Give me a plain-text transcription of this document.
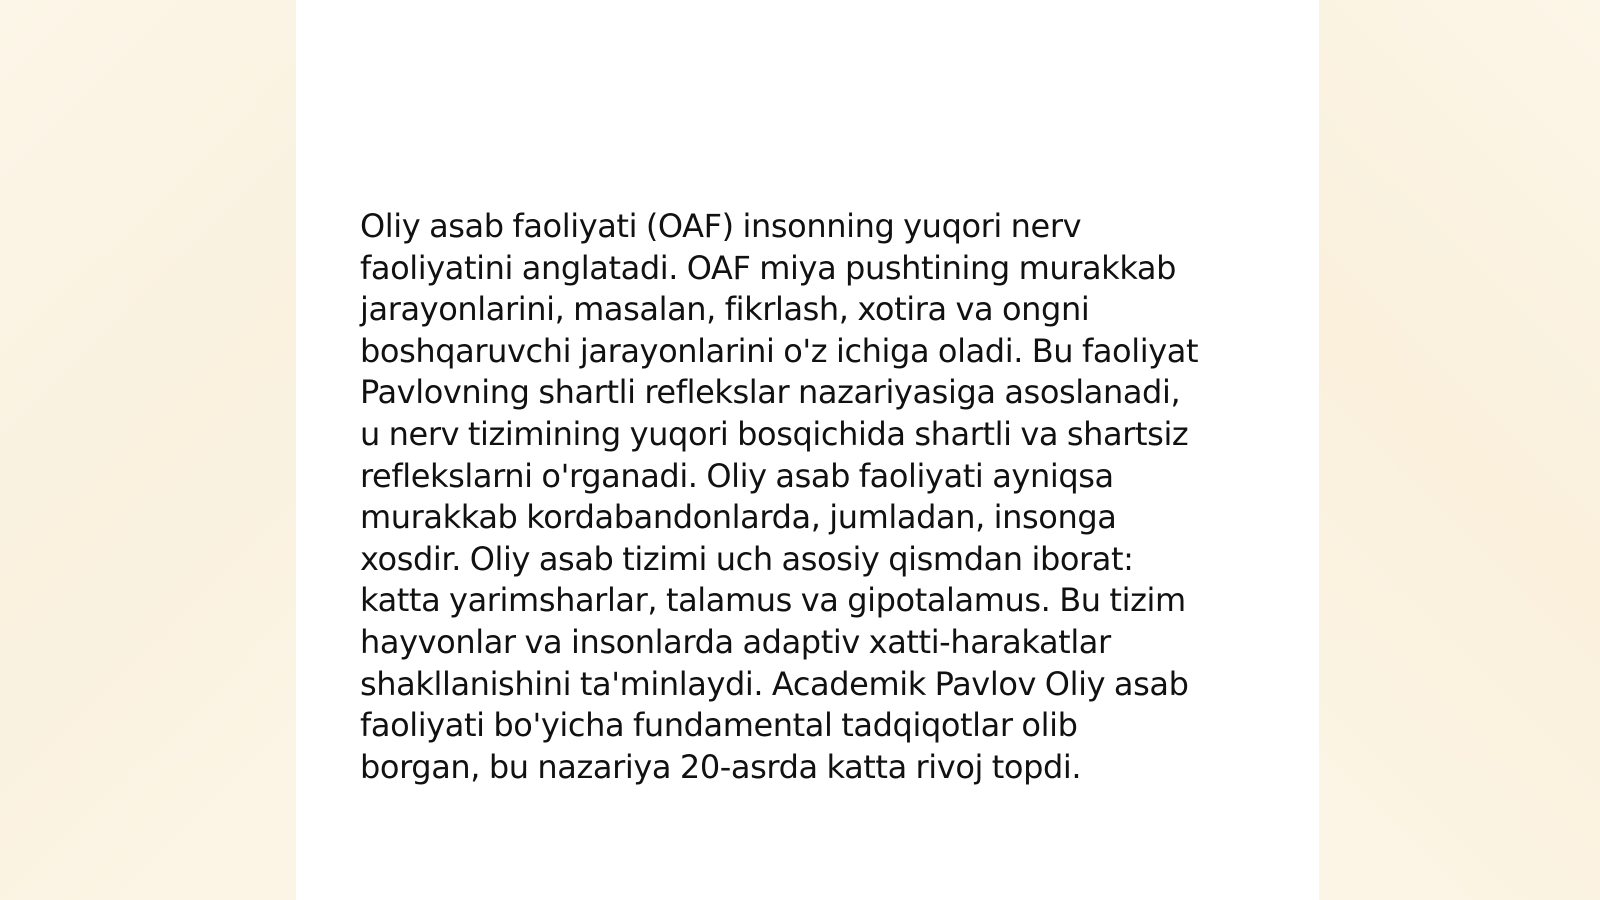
Oliy asab faoliyati (OAF) insonning yuqori nerv
faoliyatini anglatadi. OAF miya pushtining murakkab
jarayonlarini, masalan, fikrlash, xotira va ongni
boshqaruvchi jarayonlarini o'z ichiga oladi. Bu faoliyat
Pavlovning shartli reflekslar nazariyasiga asoslanadi,
u nerv tizimining yuqori bosqichida shartli va shartsiz
reflekslarni o'rganadi. Oliy asab faoliyati ayniqsa
murakkab kordabandonlarda, jumladan, insonga
xosdir. Oliy asab tizimi uch asosiy qismdan iborat:
katta yarimsharlar, talamus va gipotalamus. Bu tizim
hayvonlar va insonlarda adaptiv xatti-harakatlar
shakllanishini ta'minlaydi. Academik Pavlov Oliy asab
faoliyati bo'yicha fundamental tadqiqotlar olib
borgan, bu nazariya 20-asrda katta rivoj topdi.
